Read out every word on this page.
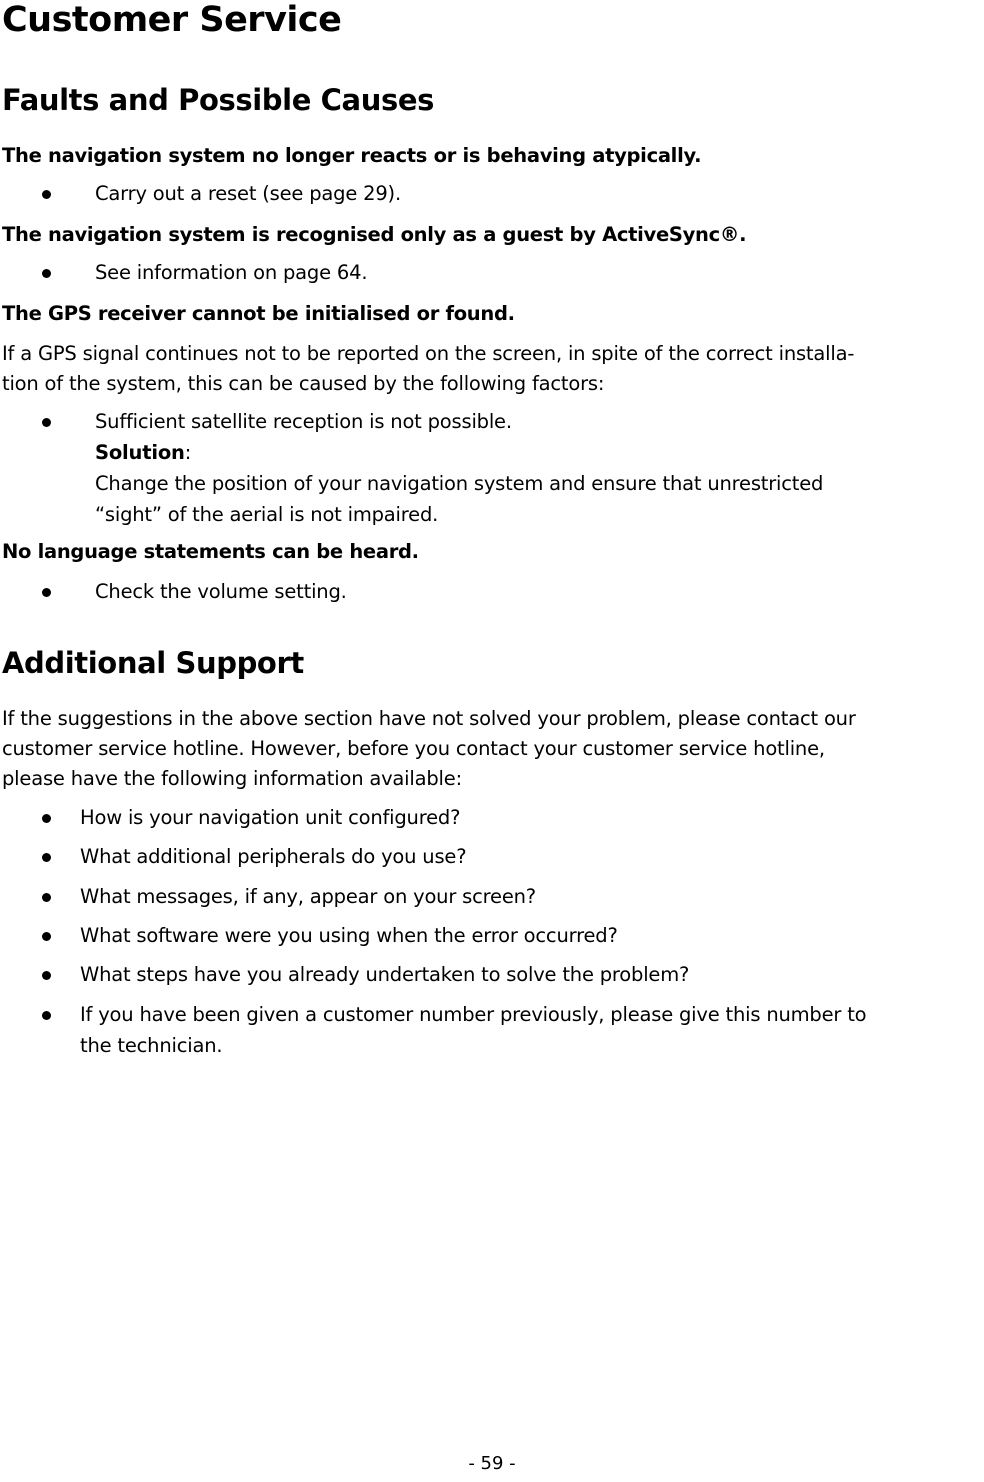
Customer Service
Faults and Possible Causes

The navigation system no longer reacts or is behaving atypically.

Carry out a reset (see page 29).

The navigation system is recognised only as a guest by ActiveSync®.

See information on page 64.

The GPS receiver cannot be initialised or found.

If a GPS signal continues not to be reported on the screen, in spite of the correct installa-

tion of the system, this can be caused by the following factors:

Sufficient satellite reception is not possible.

Solution:

Change the position of your navigation system and ensure that unrestricted

“sight” of the aerial is not impaired.

No language statements can be heard.

Check the volume setting.

Additional Support

If the suggestions in the above section have not solved your problem, please contact our

customer service hotline. However, before you contact your customer service hotline,

please have the following information available:

How is your navigation unit configured?

What additional peripherals do you use?

What messages, if any, appear on your screen?

What software were you using when the error occurred?

What steps have you already undertaken to solve the problem?

If you have been given a customer number previously, please give this number to

the technician.

- 59 -
